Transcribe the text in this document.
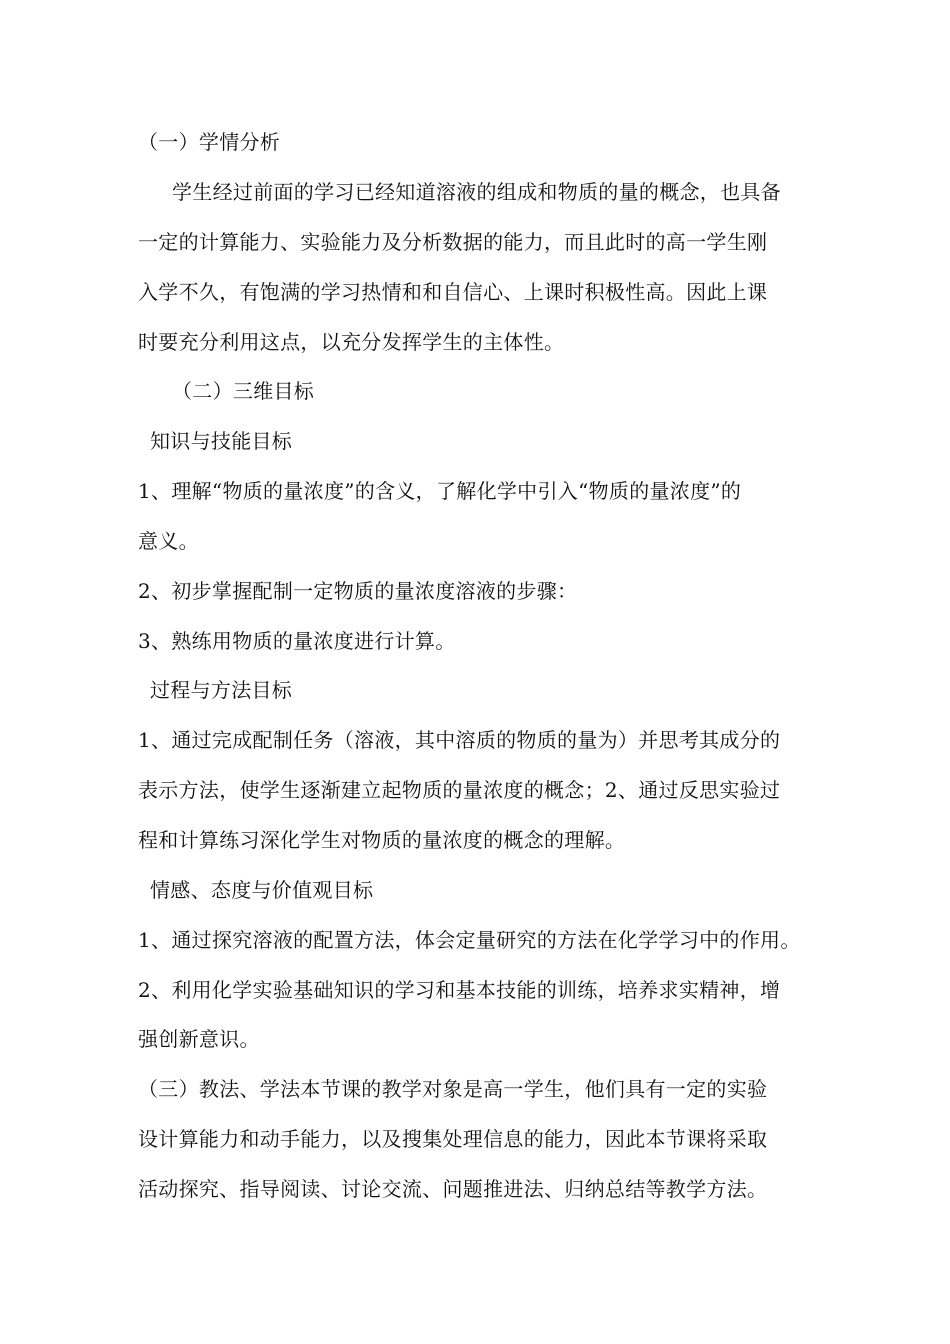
（一）学情分析
学生经过前面的学习已经知道溶液的组成和物质的量的概念，也具备
一定的计算能力、实验能力及分析数据的能力，而且此时的高一学生刚
入学不久，有饱满的学习热情和和自信心、上课时积极性高。因此上课
时要充分利用这点，以充分发挥学生的主体性。
（二）三维目标
知识与技能目标
1、理解“物质的量浓度”的含义，了解化学中引入“物质的量浓度”的
意义。
2、初步掌握配制一定物质的量浓度溶液的步骤：
3、熟练用物质的量浓度进行计算。
过程与方法目标
1、通过完成配制任务（溶液，其中溶质的物质的量为）并思考其成分的
表示方法，使学生逐渐建立起物质的量浓度的概念；2、通过反思实验过
程和计算练习深化学生对物质的量浓度的概念的理解。
情感、态度与价值观目标
1、通过探究溶液的配置方法，体会定量研究的方法在化学学习中的作用。
2、利用化学实验基础知识的学习和基本技能的训练，培养求实精神，增
强创新意识。
（三）教法、学法本节课的教学对象是高一学生，他们具有一定的实验
设计算能力和动手能力，以及搜集处理信息的能力，因此本节课将采取
活动探究、指导阅读、讨论交流、问题推进法、归纳总结等教学方法。
